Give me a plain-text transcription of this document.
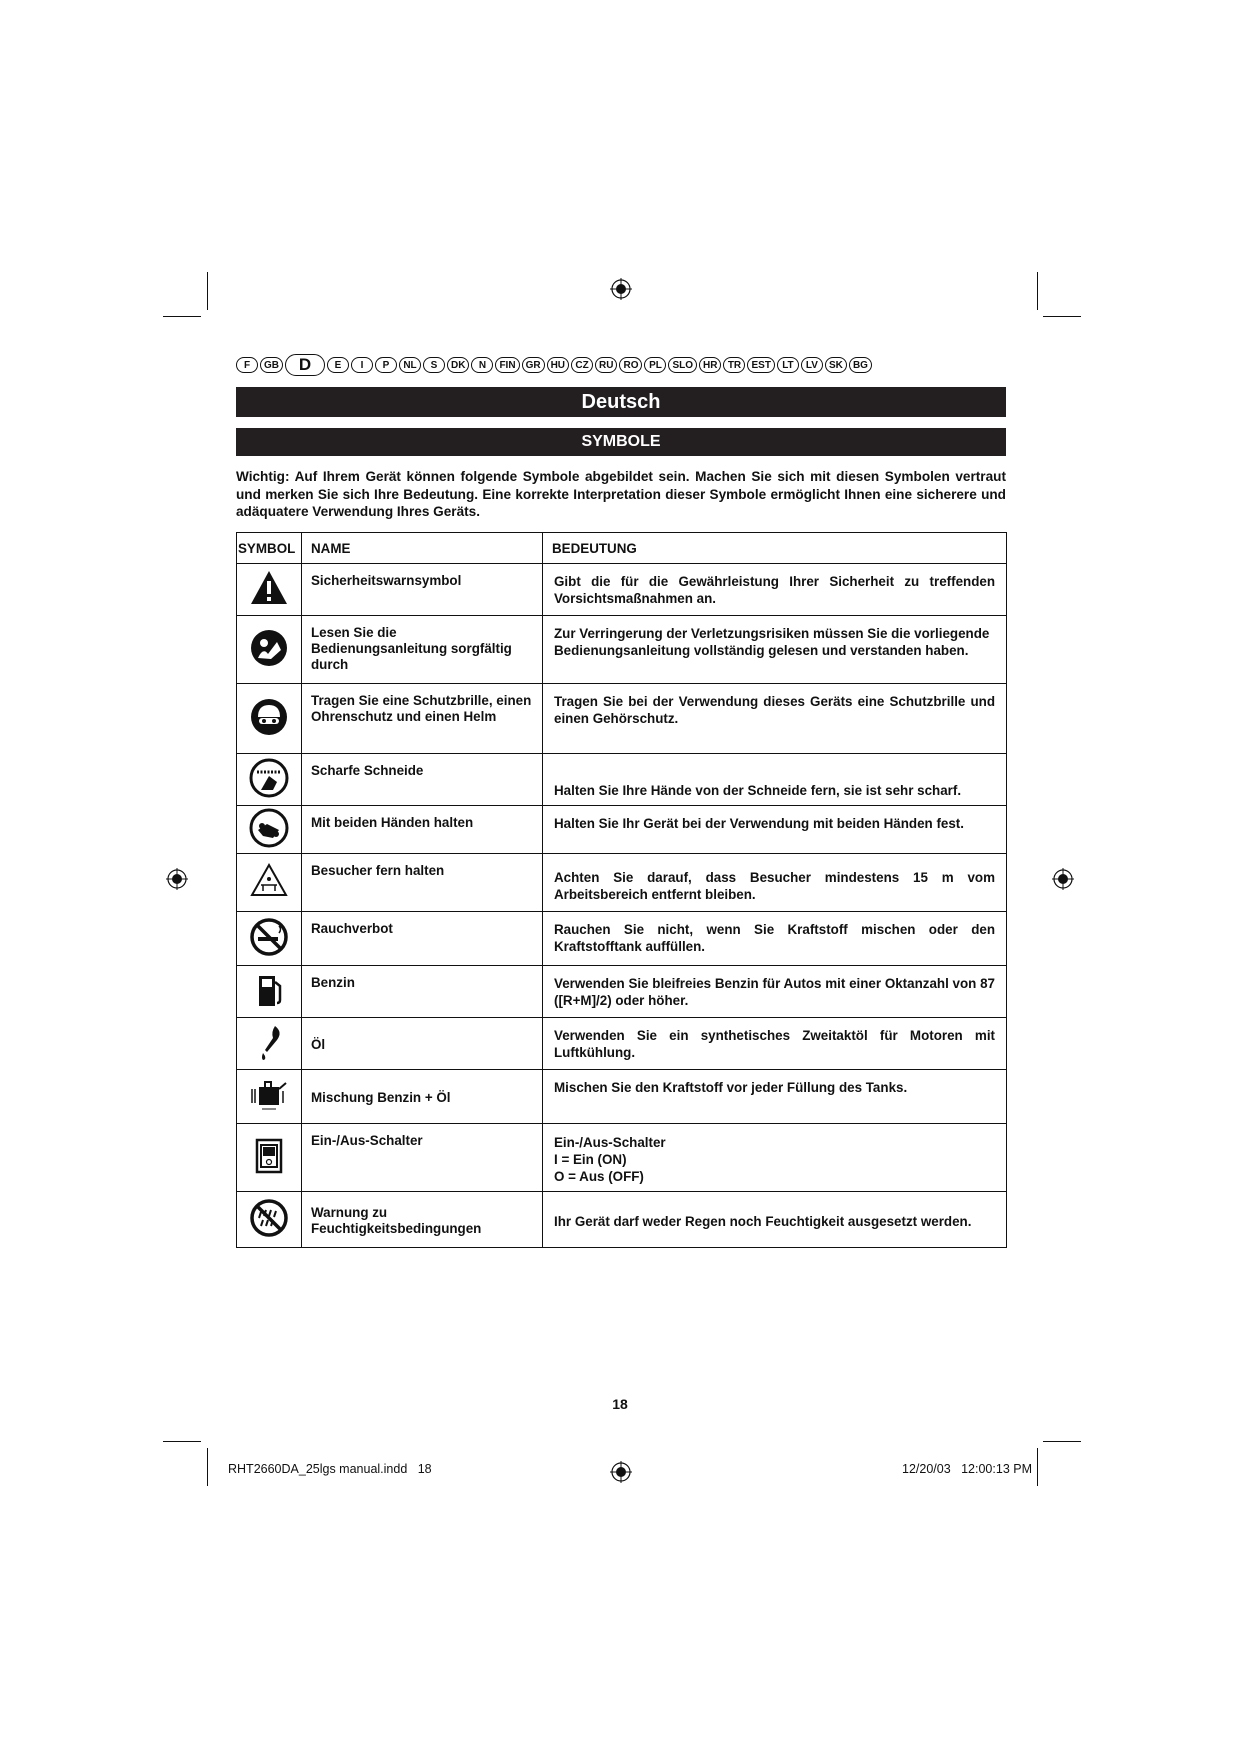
F	GB	D	E	I	P	NL	S	DK	N	FIN	GR	HU	CZ	RU	RO	PL	SLO	HR	TR	EST	LT	LV	SK	BG
Deutsch
SYMBOLE
Wichtig: Auf Ihrem Gerät können folgende Symbole abgebildet sein. Machen Sie sich mit diesen Symbolen vertraut und merken Sie sich Ihre Bedeutung. Eine korrekte Interpretation dieser Symbole ermöglicht Ihnen eine sicherere und adäquatere Verwendung Ihres Geräts.
SYMBOL	NAME	BEDEUTUNG
	Sicherheitswarnsymbol	Gibt die für die Gewährleistung Ihrer Sicherheit zu treffenden Vorsichtsmaßnahmen an.
	Lesen Sie die Bedienungsanleitung sorgfältig durch	Zur Verringerung der Verletzungsrisiken müssen Sie die vorliegende
Bedienungsanleitung vollständig gelesen und verstanden haben.

	Tragen Sie eine Schutzbrille, einen Ohrenschutz und einen Helm	Tragen Sie bei der Verwendung dieses Geräts eine Schutzbrille und einen Gehörschutz.
	Scharfe Schneide	Halten Sie Ihre Hände von der Schneide fern, sie ist sehr scharf.
	Mit beiden Händen halten	Halten Sie Ihr Gerät bei der Verwendung mit beiden Händen fest.
	Besucher fern halten	Achten Sie darauf, dass Besucher mindestens 15 m vom Arbeitsbereich entfernt bleiben.
	Rauchverbot	Rauchen Sie nicht, wenn Sie Kraftstoff mischen oder den Kraftstofftank auffüllen.
	Benzin	Verwenden Sie bleifreies Benzin für Autos mit einer Oktanzahl von 87 ([R+M]/2) oder höher.
	Öl	Verwenden Sie ein synthetisches Zweitaktöl für Motoren mit Luftkühlung.
	Mischung Benzin + Öl	Mischen Sie den Kraftstoff vor jeder Füllung des Tanks.
	Ein-/Aus-Schalter	Ein-/Aus-Schalter
I = Ein (ON)
O = Aus (OFF)

	Warnung zu Feuchtigkeitsbedingungen	Ihr Gerät darf weder Regen noch Feuchtigkeit ausgesetzt werden.
18
RHT2660DA_25lgs manual.indd   18	12/20/03   12:00:13 PM
